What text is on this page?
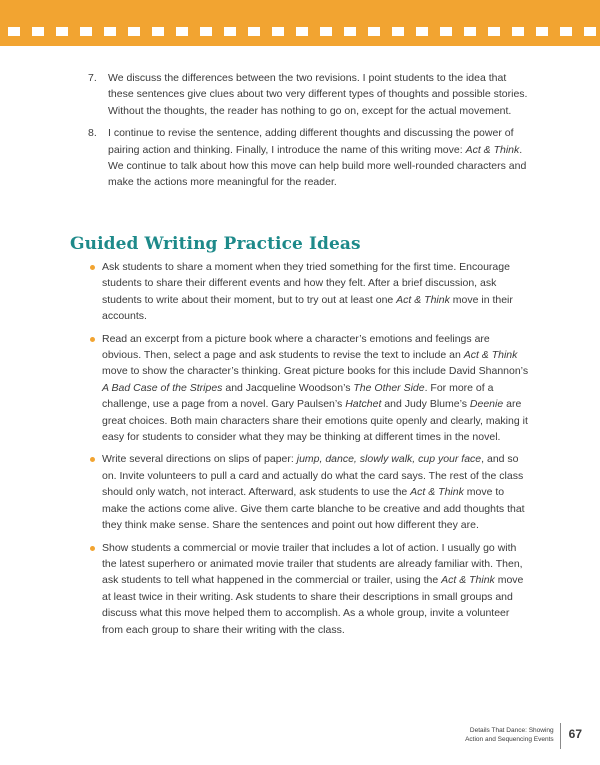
7. We discuss the differences between the two revisions. I point students to the idea that these sentences give clues about two very different types of thoughts and possible stories. Without the thoughts, the reader has nothing to go on, except for the actual movement.
8. I continue to revise the sentence, adding different thoughts and discussing the power of pairing action and thinking. Finally, I introduce the name of this writing move: Act & Think. We continue to talk about how this move can help build more well-rounded characters and make the actions more meaningful for the reader.
Guided Writing Practice Ideas
Ask students to share a moment when they tried something for the first time. Encourage students to share their different events and how they felt. After a brief discussion, ask students to write about their moment, but to try out at least one Act & Think move in their accounts.
Read an excerpt from a picture book where a character’s emotions and feelings are obvious. Then, select a page and ask students to revise the text to include an Act & Think move to show the character’s thinking. Great picture books for this include David Shannon’s A Bad Case of the Stripes and Jacqueline Woodson’s The Other Side. For more of a challenge, use a page from a novel. Gary Paulsen’s Hatchet and Judy Blume’s Deenie are great choices. Both main characters share their emotions quite openly and clearly, making it easy for students to consider what they may be thinking at different times in the novel.
Write several directions on slips of paper: jump, dance, slowly walk, cup your face, and so on. Invite volunteers to pull a card and actually do what the card says. The rest of the class should only watch, not interact. Afterward, ask students to use the Act & Think move to make the actions come alive. Give them carte blanche to be creative and add thoughts that they think make sense. Share the sentences and point out how different they are.
Show students a commercial or movie trailer that includes a lot of action. I usually go with the latest superhero or animated movie trailer that students are already familiar with. Then, ask students to tell what happened in the commercial or trailer, using the Act & Think move at least twice in their writing. Ask students to share their descriptions in small groups and discuss what this move helped them to accomplish. As a whole group, invite a volunteer from each group to share their writing with the class.
Details That Dance: Showing
Action and Sequencing Events 67
